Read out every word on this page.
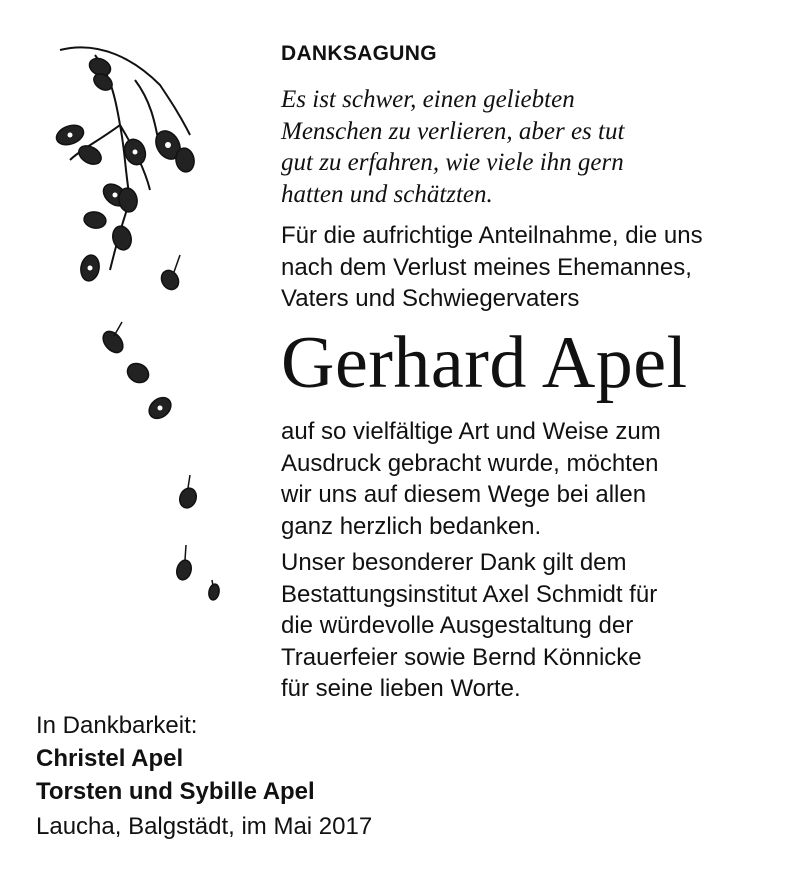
DANKSAGUNG
Es ist schwer, einen geliebten
Menschen zu verlieren, aber es tut
gut zu erfahren, wie viele ihn gern
hatten und schätzten.
Für die aufrichtige Anteilnahme, die uns
nach dem Verlust meines Ehemannes,
Vaters und Schwiegervaters
Gerhard Apel
auf so vielfältige Art und Weise zum
Ausdruck gebracht wurde, möchten
wir uns auf diesem Wege bei allen
ganz herzlich bedanken.
Unser besonderer Dank gilt dem
Bestattungsinstitut Axel Schmidt für
die würdevolle Ausgestaltung der
Trauerfeier sowie Bernd Könnicke
für seine lieben Worte.
In Dankbarkeit:
Christel Apel
Torsten und Sybille Apel
Laucha, Balgstädt, im Mai 2017
